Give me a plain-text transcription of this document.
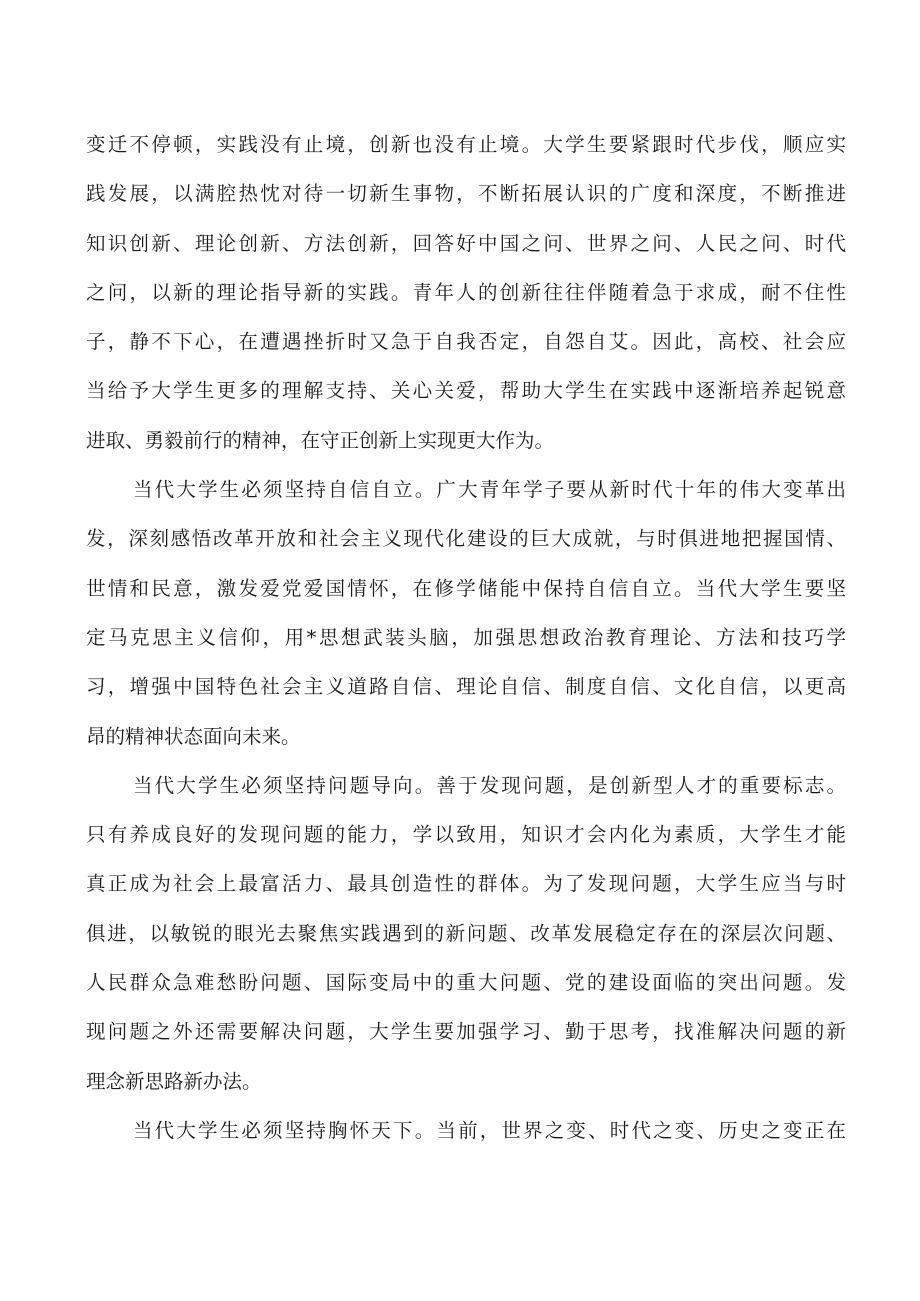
变迁不停顿，实践没有止境，创新也没有止境。大学生要紧跟时代步伐，顺应实
践发展，以满腔热忱对待一切新生事物，不断拓展认识的广度和深度，不断推进
知识创新、理论创新、方法创新，回答好中国之问、世界之问、人民之问、时代
之问，以新的理论指导新的实践。青年人的创新往往伴随着急于求成，耐不住性
子，静不下心，在遭遇挫折时又急于自我否定，自怨自艾。因此，高校、社会应
当给予大学生更多的理解支持、关心关爱，帮助大学生在实践中逐渐培养起锐意
进取、勇毅前行的精神，在守正创新上实现更大作为。
当代大学生必须坚持自信自立。广大青年学子要从新时代十年的伟大变革出
发，深刻感悟改革开放和社会主义现代化建设的巨大成就，与时俱进地把握国情、
世情和民意，激发爱党爱国情怀，在修学储能中保持自信自立。当代大学生要坚
定马克思主义信仰，用*思想武装头脑，加强思想政治教育理论、方法和技巧学
习，增强中国特色社会主义道路自信、理论自信、制度自信、文化自信，以更高
昂的精神状态面向未来。
当代大学生必须坚持问题导向。善于发现问题，是创新型人才的重要标志。
只有养成良好的发现问题的能力，学以致用，知识才会内化为素质，大学生才能
真正成为社会上最富活力、最具创造性的群体。为了发现问题，大学生应当与时
俱进，以敏锐的眼光去聚焦实践遇到的新问题、改革发展稳定存在的深层次问题、
人民群众急难愁盼问题、国际变局中的重大问题、党的建设面临的突出问题。发
现问题之外还需要解决问题，大学生要加强学习、勤于思考，找准解决问题的新
理念新思路新办法。
当代大学生必须坚持胸怀天下。当前，世界之变、时代之变、历史之变正在
